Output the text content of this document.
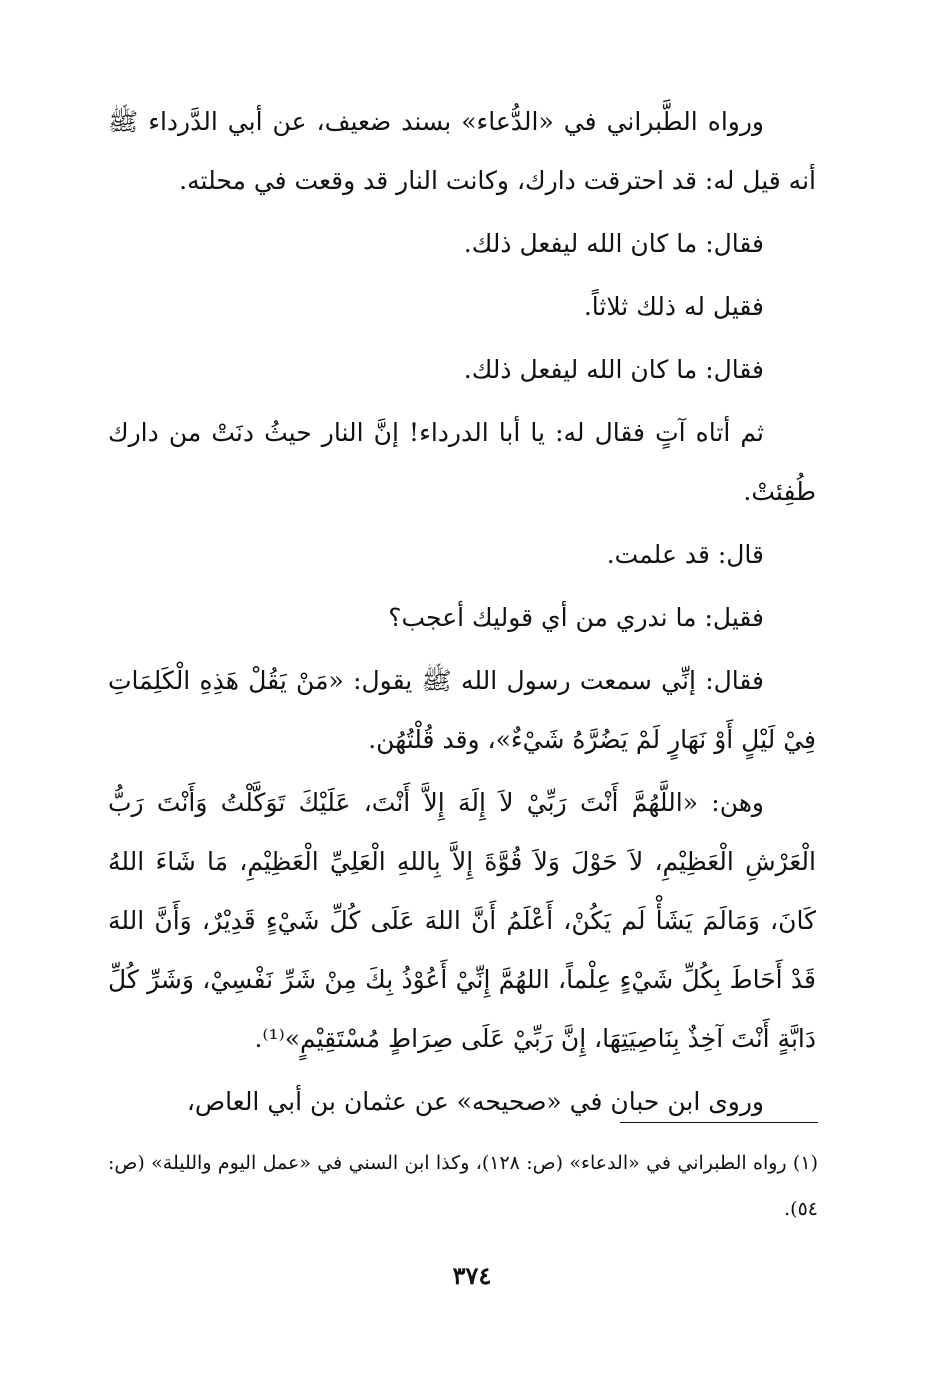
ورواه الطَّبراني في «الدُّعاء» بسند ضعيف، عن أبي الدَّرداء ﷺ أنه قيل له: قد احترقت دارك، وكانت النار قد وقعت في محلته.

فقال: ما كان الله ليفعل ذلك.

فقيل له ذلك ثلاثاً.

فقال: ما كان الله ليفعل ذلك.

ثم أتاه آتٍ فقال له: يا أبا الدرداء! إنَّ النار حيثُ دنَتْ من دارك طُفِئتْ.

قال: قد علمت.

فقيل: ما ندري من أي قوليك أعجب؟

فقال: إنِّي سمعت رسول الله ﷺ يقول: «مَنْ يَقُلْ هَذِهِ الْكَلِمَاتِ فِيْ لَيْلٍ أَوْ نَهَارٍ لَمْ يَضُرَّهُ شَيْءٌ»، وقد قُلْتُهُن.

وهن: «اللَّهُمَّ أَنْتَ رَبِّيْ لاَ إِلَهَ إِلاَّ أَنْتَ، عَلَيْكَ تَوَكَّلْتُ وَأَنْتَ رَبُّ الْعَرْشِ الْعَظِيْمِ، لاَ حَوْلَ وَلاَ قُوَّةَ إِلاَّ بِاللهِ الْعَلِيِّ الْعَظِيْمِ، مَا شَاءَ اللهُ كَانَ، وَمَالَمَ يَشَأْ لَم يَكُنْ، أَعْلَمُ أَنَّ اللهَ عَلَى كُلِّ شَيْءٍ قَدِيْرٌ، وَأَنَّ اللهَ قَدْ أَحَاطَ بِكُلِّ شَيْءٍ عِلْماً، اللهُمَّ إِنِّيْ أَعُوْذُ بِكَ مِنْ شَرِّ نَفْسِيْ، وَشَرِّ كُلِّ دَابَّةٍ أَنْتَ آخِذٌ بِنَاصِيَتِهَا، إِنَّ رَبِّيْ عَلَى صِرَاطٍ مُسْتَقِيْمٍ»⁽¹⁾.

وروى ابن حبان في «صحيحه» عن عثمان بن أبي العاص،

(١) رواه الطبراني في «الدعاء» (ص: ١٢٨)، وكذا ابن السني في «عمل اليوم والليلة» (ص: ٥٤).

٣٧٤
